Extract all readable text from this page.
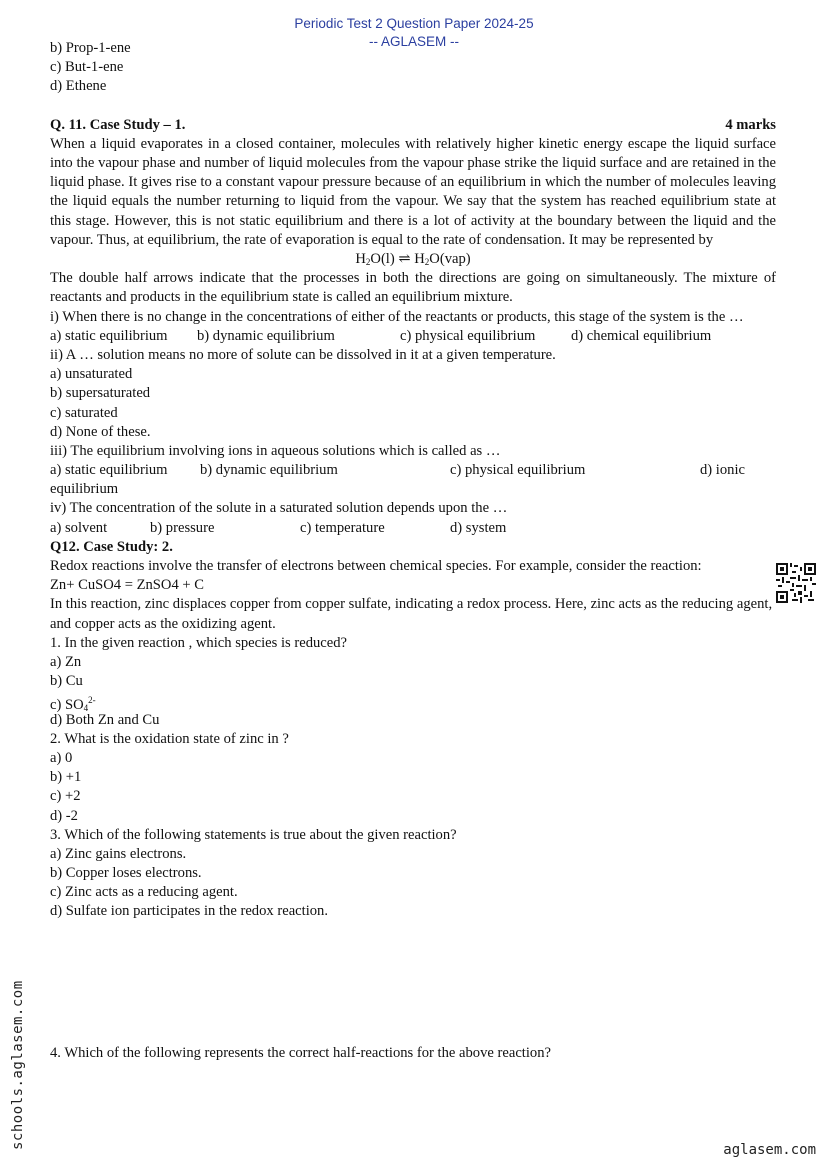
Periodic Test 2 Question Paper 2024-25
-- AGLASEM --
b) Prop-1-ene
c) But-1-ene
d) Ethene
Q. 11. Case Study – 1.	4 marks
When a liquid evaporates in a closed container, molecules with relatively higher kinetic energy escape the liquid surface into the vapour phase and number of liquid molecules from the vapour phase strike the liquid surface and are retained in the liquid phase. It gives rise to a constant vapour pressure because of an equilibrium in which the number of molecules leaving the liquid equals the number returning to liquid from the vapour. We say that the system has reached equilibrium state at this stage. However, this is not static equilibrium and there is a lot of activity at the boundary between the liquid and the vapour. Thus, at equilibrium, the rate of evaporation is equal to the rate of condensation. It may be represented by
$H_2O(l)$ ⇌ $H_2O(vap)$
The double half arrows indicate that the processes in both the directions are going on simultaneously. The mixture of reactants and products in the equilibrium state is called an equilibrium mixture.
i) When there is no change in the concentrations of either of the reactants or products, this stage of the system is the …
a) static equilibrium	b) dynamic equilibrium	c) physical equilibrium	d) chemical equilibrium
ii) A … solution means no more of solute can be dissolved in it at a given temperature.
a) unsaturated
b) supersaturated
c) saturated
d) None of these.
iii) The equilibrium involving ions in aqueous solutions which is called as …
a) static equilibrium	b) dynamic equilibrium	c) physical equilibrium	d) ionic
equilibrium
iv) The concentration of the solute in a saturated solution depends upon the …
a) solvent	b) pressure	c) temperature	d) system
Q12. Case Study: 2.
Redox reactions involve the transfer of electrons between chemical species. For example, consider the reaction:
Zn+ CuSO4 = ZnSO4 + C
In this reaction, zinc displaces copper from copper sulfate, indicating a redox process. Here, zinc acts as the reducing agent, and copper acts as the oxidizing agent.
1. In the given reaction , which species is reduced?
a) Zn
b) Cu
c) $SO_4^{2-}$
d) Both Zn and Cu
2. What is the oxidation state of zinc in ?
a) 0
b) +1
c) +2
d) -2
3. Which of the following statements is true about the given reaction?
a) Zinc gains electrons.
b) Copper loses electrons.
c) Zinc acts as a reducing agent.
d) Sulfate ion participates in the redox reaction.
4. Which of the following represents the correct half-reactions for the above reaction?
schools.aglasem.com	aglasem.com
